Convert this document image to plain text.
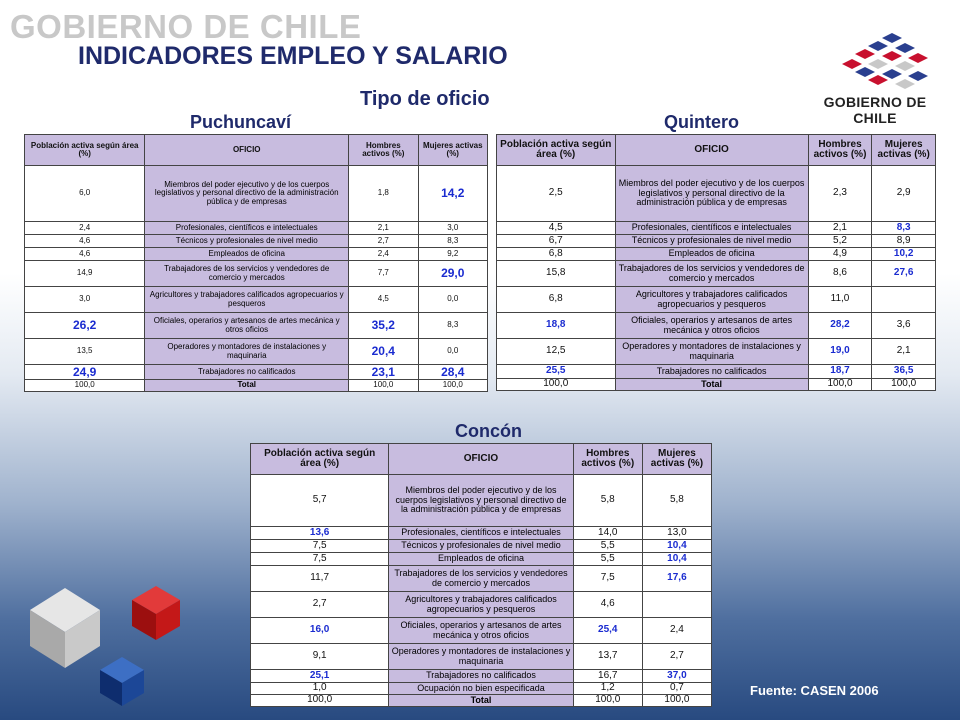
GOBIERNO DE CHILE
INDICADORES EMPLEO Y SALARIO
Tipo de oficio	GOBIERNO DE CHILE
Puchuncaví	Quintero
Concón
Población activa según área (%)	OFICIO	Hombres activos (%)	Mujeres activas (%)
6,0	Miembros del poder ejecutivo y de los cuerpos legislativos y personal directivo de la administración pública y de empresas	1,8	14,2
2,4	Profesionales, científicos e intelectuales	2,1	3,0
4,6	Técnicos y profesionales de nivel medio	2,7	8,3
4,6	Empleados de oficina	2,4	9,2
14,9	Trabajadores de los servicios y vendedores de comercio y mercados	7,7	29,0
3,0	Agricultores y trabajadores calificados agropecuarios y pesqueros	4,5	0,0
26,2	Oficiales, operarios y artesanos de artes mecánica y otros oficios	35,2	8,3
13,5	Operadores y montadores de instalaciones y maquinaria	20,4	0,0
24,9	Trabajadores no calificados	23,1	28,4
100,0	Total	100,0	100,0
Población activa según área (%)	OFICIO	Hombres activos (%)	Mujeres activas (%)
2,5	Miembros del poder ejecutivo y de los cuerpos legislativos y personal directivo de la administración pública y de empresas	2,3	2,9
4,5	Profesionales, científicos e intelectuales	2,1	8,3
6,7	Técnicos y profesionales de nivel medio	5,2	8,9
6,8	Empleados de oficina	4,9	10,2
15,8	Trabajadores de los servicios y vendedores de comercio y mercados	8,6	27,6
6,8	Agricultores y trabajadores calificados agropecuarios y pesqueros	11,0	
18,8	Oficiales, operarios y artesanos de artes mecánica y otros oficios	28,2	3,6
12,5	Operadores y montadores de instalaciones y maquinaria	19,0	2,1
25,5	Trabajadores no calificados	18,7	36,5
100,0	Total	100,0	100,0
Población activa según área (%)	OFICIO	Hombres activos (%)	Mujeres activas (%)
5,7	Miembros del poder ejecutivo y de los cuerpos legislativos y personal directivo de la administración pública y de empresas	5,8	5,8
13,6	Profesionales, científicos e intelectuales	14,0	13,0
7,5	Técnicos y profesionales de nivel medio	5,5	10,4
7,5	Empleados de oficina	5,5	10,4
11,7	Trabajadores de los servicios y vendedores de comercio y mercados	7,5	17,6
2,7	Agricultores y trabajadores calificados agropecuarios y pesqueros	4,6	
16,0	Oficiales, operarios y artesanos de artes mecánica y otros oficios	25,4	2,4
9,1	Operadores y montadores de instalaciones y maquinaria	13,7	2,7
25,1	Trabajadores no calificados	16,7	37,0
1,0	Ocupación no bien especificada	1,2	0,7
100,0	Total	100,0	100,0
Fuente: CASEN 2006
